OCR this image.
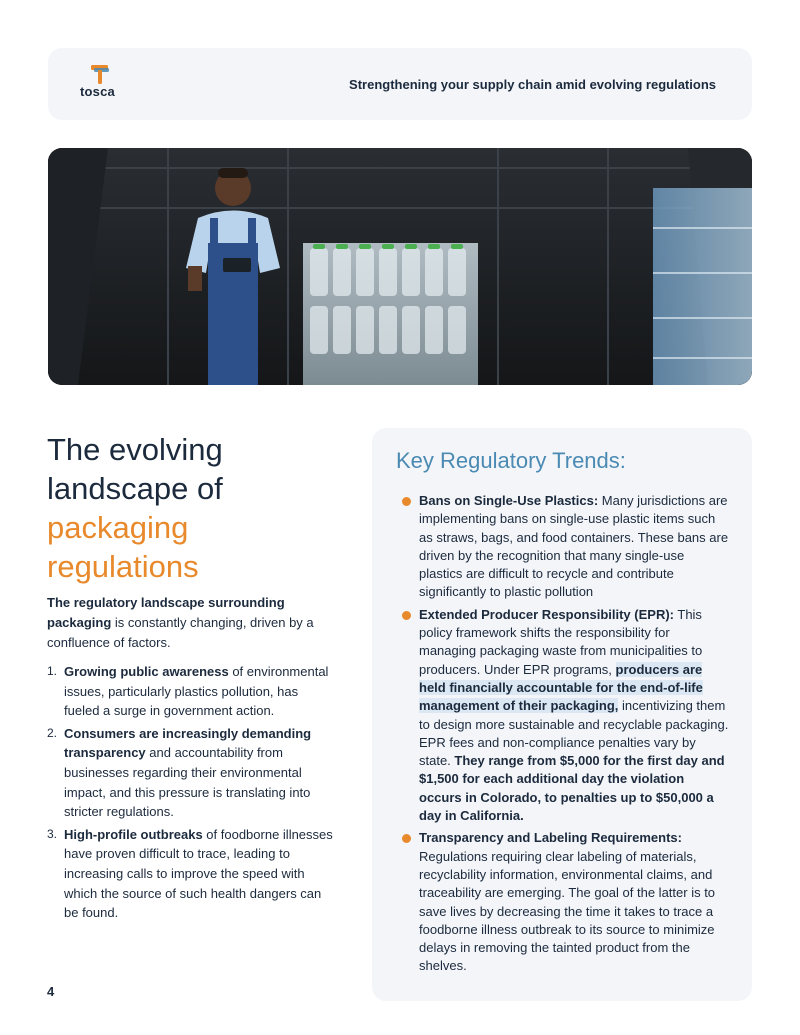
tosca	Strengthening your supply chain amid evolving regulations
The evolving
landscape of
packaging
regulations

The regulatory landscape surrounding packaging is constantly changing, driven by a confluence of factors.

1. Growing public awareness of environmental issues, particularly plastics pollution, has fueled a surge in government action.
2. Consumers are increasingly demanding transparency and accountability from businesses regarding their environmental impact, and this pressure is translating into stricter regulations.
3. High-profile outbreaks of foodborne illnesses have proven difficult to trace, leading to increasing calls to improve the speed with which the source of such health dangers can be found.
4
Key Regulatory Trends:
Bans on Single-Use Plastics: Many jurisdictions are implementing bans on single-use plastic items such as straws, bags, and food containers. These bans are driven by the recognition that many single-use plastics are difficult to recycle and contribute significantly to plastic pollution
Extended Producer Responsibility (EPR): This policy framework shifts the responsibility for managing packaging waste from municipalities to producers. Under EPR programs, producers are held financially accountable for the end-of-life management of their packaging, incentivizing them to design more sustainable and recyclable packaging. EPR fees and non-compliance penalties vary by state. They range from $5,000 for the first day and $1,500 for each additional day the violation occurs in Colorado, to penalties up to $50,000 a day in California.
Transparency and Labeling Requirements: Regulations requiring clear labeling of materials, recyclability information, environmental claims, and traceability are emerging. The goal of the latter is to save lives by decreasing the time it takes to trace a foodborne illness outbreak to its source to minimize delays in removing the tainted product from the shelves.
